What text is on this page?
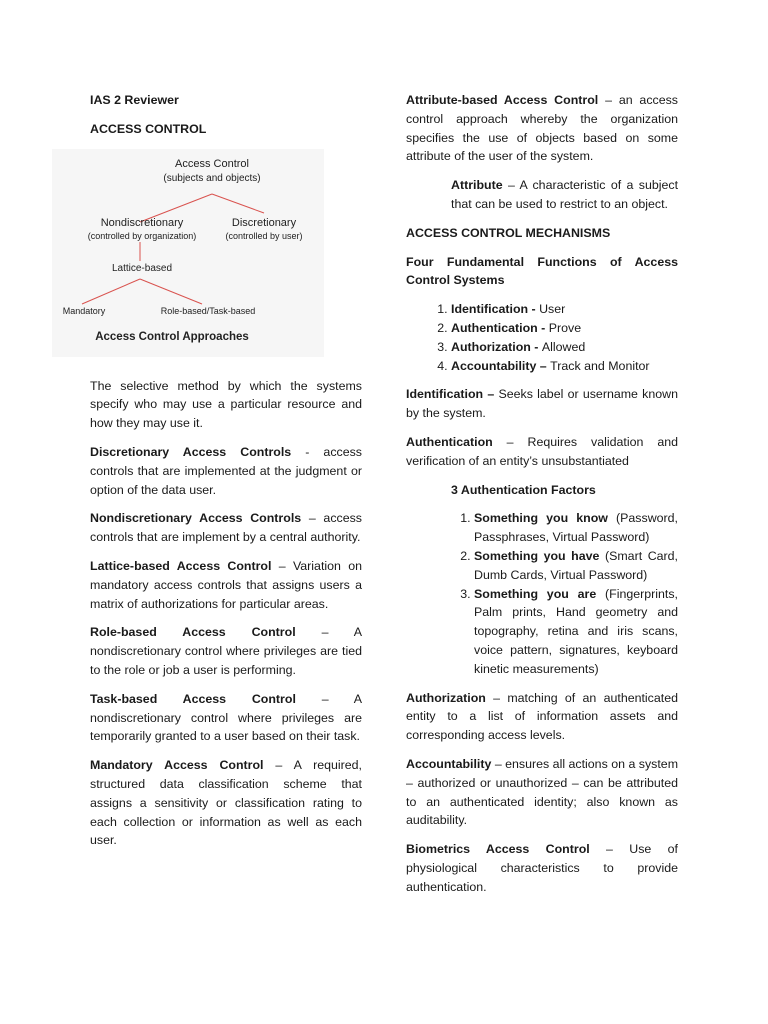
IAS 2 Reviewer
ACCESS CONTROL
Access Control
(subjects and objects)
Nondiscretionary
(controlled by organization)
Discretionary
(controlled by user)
Lattice-based
Mandatory	Role-based/Task-based
Access Control Approaches

The selective method by which the systems specify who may use a particular resource and how they may use it.

Discretionary Access Controls - access controls that are implemented at the judgment or option of the data user.

Nondiscretionary Access Controls – access controls that are implement by a central authority.

Lattice-based Access Control – Variation on mandatory access controls that assigns users a matrix of authorizations for particular areas.

Role-based Access Control – A nondiscretionary control where privileges are tied to the role or job a user is performing.

Task-based Access Control – A nondiscretionary control where privileges are temporarily granted to a user based on their task.

Mandatory Access Control – A required, structured data classification scheme that assigns a sensitivity or classification rating to each collection or information as well as each user.

Attribute-based Access Control – an access control approach whereby the organization specifies the use of objects based on some attribute of the user of the system.

Attribute – A characteristic of a subject that can be used to restrict to an object.

ACCESS CONTROL MECHANISMS

Four Fundamental Functions of Access Control Systems

1. Identification - User
2. Authentication - Prove
3. Authorization - Allowed
4. Accountability – Track and Monitor

Identification – Seeks label or username known by the system.

Authentication – Requires validation and verification of an entity’s unsubstantiated

3 Authentication Factors
1. Something you know (Password, Passphrases, Virtual Password)
2. Something you have (Smart Card, Dumb Cards, Virtual Password)
3. Something you are (Fingerprints, Palm prints, Hand geometry and topography, retina and iris scans, voice pattern, signatures, keyboard kinetic measurements)

Authorization – matching of an authenticated entity to a list of information assets and corresponding access levels.

Accountability – ensures all actions on a system – authorized or unauthorized – can be attributed to an authenticated identity; also known as auditability.

Biometrics Access Control – Use of physiological characteristics to provide authentication.
